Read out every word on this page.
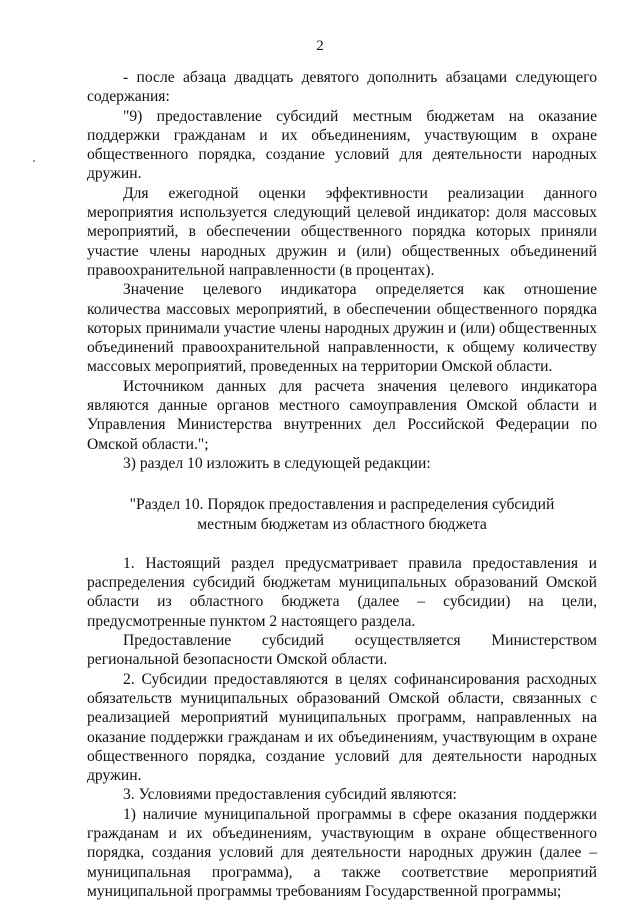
2

- после абзаца двадцать девятого дополнить абзацами следующего содержания:

"9) предоставление субсидий местным бюджетам на оказание поддержки гражданам и их объединениям, участвующим в охране общественного порядка, создание условий для деятельности народных дружин.

Для ежегодной оценки эффективности реализации данного мероприятия используется следующий целевой индикатор: доля массовых мероприятий, в обеспечении общественного порядка которых приняли участие члены народных дружин и (или) общественных объединений правоохранительной направленности (в процентах).

Значение целевого индикатора определяется как отношение количества массовых мероприятий, в обеспечении общественного порядка которых принимали участие члены народных дружин и (или) общественных объединений правоохранительной направленности, к общему количеству массовых мероприятий, проведенных на территории Омской области.

Источником данных для расчета значения целевого индикатора являются данные органов местного самоуправления Омской области и Управления Министерства внутренних дел Российской Федерации по Омской области.";

3) раздел 10 изложить в следующей редакции:

"Раздел 10. Порядок предоставления и распределения субсидий местным бюджетам из областного бюджета

1. Настоящий раздел предусматривает правила предоставления и распределения субсидий бюджетам муниципальных образований Омской области из областного бюджета (далее – субсидии) на цели, предусмотренные пунктом 2 настоящего раздела.

Предоставление субсидий осуществляется Министерством региональной безопасности Омской области.

2. Субсидии предоставляются в целях софинансирования расходных обязательств муниципальных образований Омской области, связанных с реализацией мероприятий муниципальных программ, направленных на оказание поддержки гражданам и их объединениям, участвующим в охране общественного порядка, создание условий для деятельности народных дружин.

3. Условиями предоставления субсидий являются:

1) наличие муниципальной программы в сфере оказания поддержки гражданам и их объединениям, участвующим в охране общественного порядка, создания условий для деятельности народных дружин (далее – муниципальная программа), а также соответствие мероприятий муниципальной программы требованиям Государственной программы;
